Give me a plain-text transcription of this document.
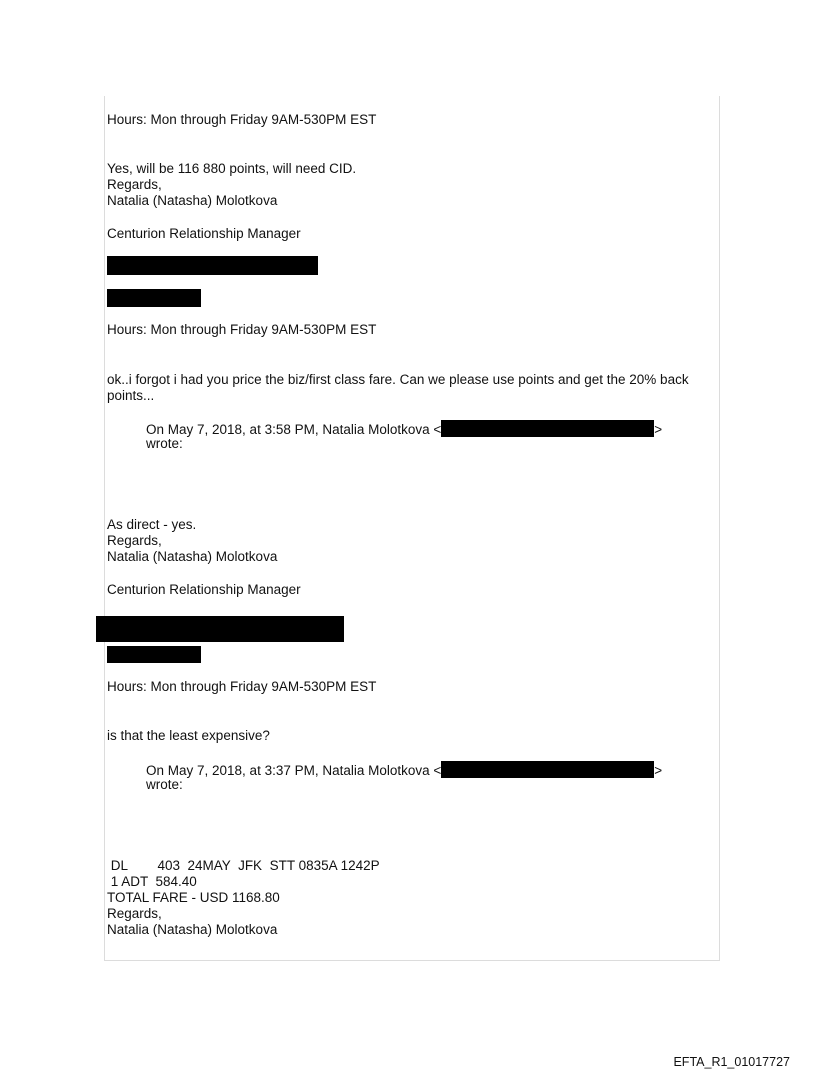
Hours: Mon through Friday 9AM-530PM EST
Yes, will be 116 880 points, will need CID.
Regards,
Natalia (Natasha) Molotkova
Centurion Relationship Manager
Hours: Mon through Friday 9AM-530PM EST
ok..i forgot i had you price the biz/first class fare. Can we please use points and get the 20% back
points...
On May 7, 2018, at 3:58 PM, Natalia Molotkova <	>
wrote:
As direct - yes.
Regards,
Natalia (Natasha) Molotkova
Centurion Relationship Manager
Hours: Mon through Friday 9AM-530PM EST
is that the least expensive?
On May 7, 2018, at 3:37 PM, Natalia Molotkova <	>
wrote:
DL        403  24MAY  JFK  STT 0835A 1242P
1 ADT  584.40
TOTAL FARE - USD 1168.80
Regards,
Natalia (Natasha) Molotkova
EFTA_R1_01017727
